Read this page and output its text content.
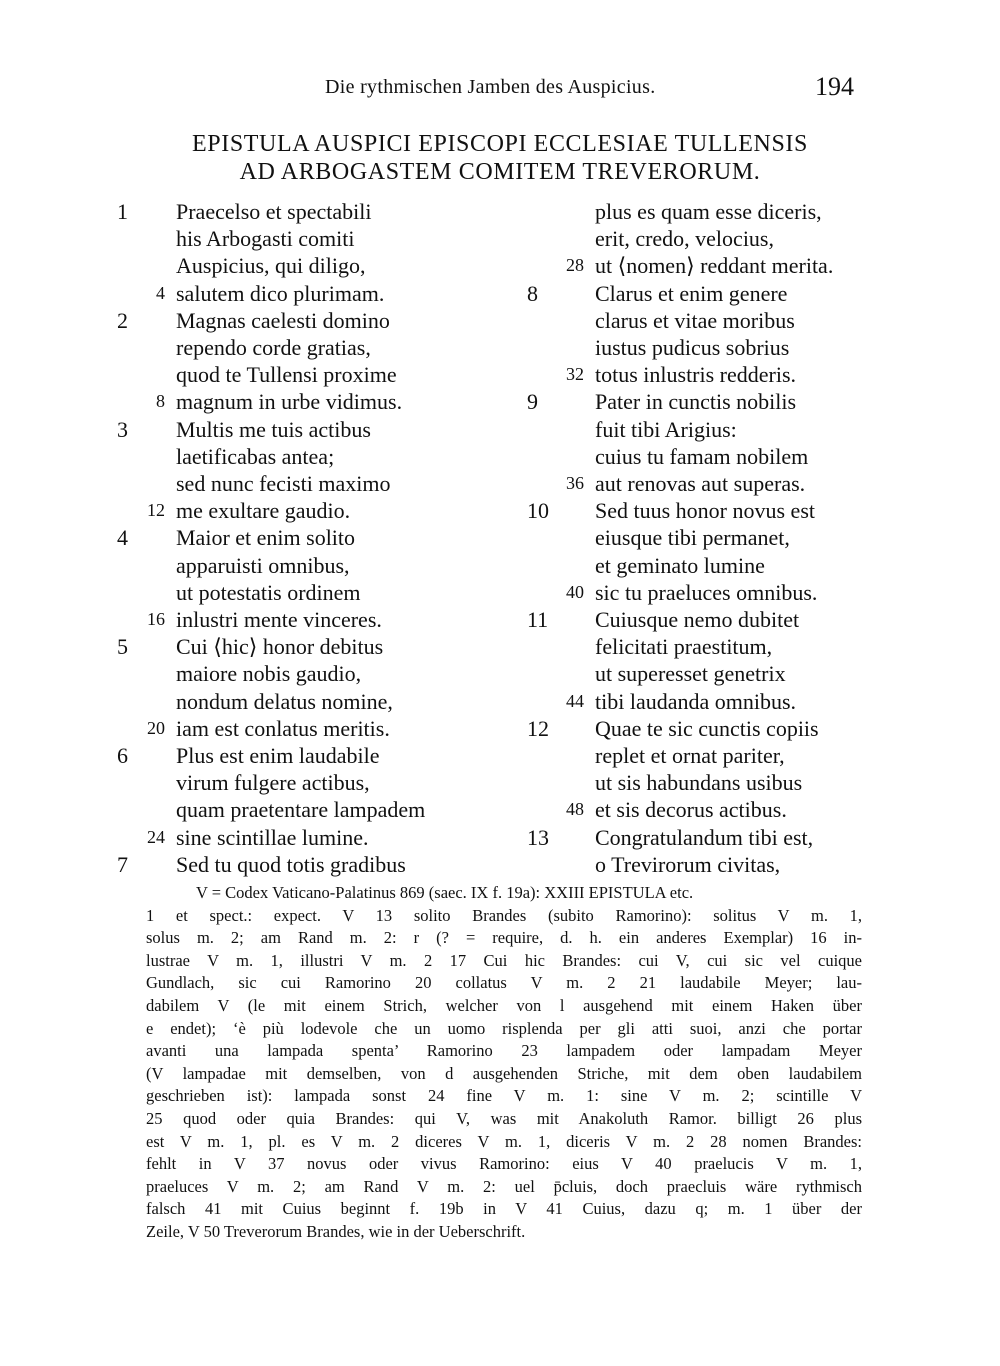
Die rythmischen Jamben des Auspicius.	194
EPISTULA AUSPICI EPISCOPI ECCLESIAE TULLENSIS
AD ARBOGASTEM COMITEM TREVERORUM.
1 Praecelso et spectabili
his Arbogasti comiti
Auspicius, qui diligo,
4 salutem dico plurimam.
2 Magnas caelesti domino
rependo corde gratias,
quod te Tullensi proxime
8 magnum in urbe vidimus.
3 Multis me tuis actibus
laetificabas antea;
sed nunc fecisti maximo
12 me exultare gaudio.
4 Maior et enim solito
apparuisti omnibus,
ut potestatis ordinem
16 inlustri mente vinceres.
5 Cui ⟨hic⟩ honor debitus
maiore nobis gaudio,
nondum delatus nomine,
20 iam est conlatus meritis.
6 Plus est enim laudabile
virum fulgere actibus,
quam praetentare lampadem
24 sine scintillae lumine.
7 Sed tu quod totis gradibus
plus es quam esse diceris,
erit, credo, velocius,
28 ut ⟨nomen⟩ reddant merita.
8	Clarus et enim genere
clarus et vitae moribus
iustus pudicus sobrius
32 totus inlustris redderis.
9	Pater in cunctis nobilis
fuit tibi Arigius:
cuius tu famam nobilem
36 aut renovas aut superas.
10 Sed tuus honor novus est
eiusque tibi permanet,
et geminato lumine
40 sic tu praeluces omnibus.
11 Cuiusque nemo dubitet
felicitati praestitum,
ut superesset genetrix
44 tibi laudanda omnibus.
12 Quae te sic cunctis copiis
replet et ornat pariter,
ut sis habundans usibus
48 et sis decorus actibus.
13 Congratulandum tibi est,
o Trevirorum civitas,

V = Codex Vaticano-Palatinus 869 (saec. IX f. 19a): XXIII EPISTULA etc.

1 et spect.: expect. V 13 solito Brandes (subito Ramorino): solitus V m. 1,

solus m. 2; am Rand m. 2: r (? = require, d. h. ein anderes Exemplar) 16 in-

lustrae V m. 1, illustri V m. 2 17 Cui hic Brandes: cui V, cui sic vel cuique

Gundlach, sic cui Ramorino 20 collatus V m. 2 21 laudabile Meyer; lau-

dabilem V (le mit einem Strich, welcher von l ausgehend mit einem Haken über

e endet); ‘è più lodevole che un uomo risplenda per gli atti suoi, anzi che portar

avanti una lampada spenta’ Ramorino 23 lampadem oder lampadam Meyer

(V lampadae mit demselben, von d ausgehenden Striche, mit dem oben laudabilem

geschrieben ist): lampada sonst 24 fine V m. 1: sine V m. 2; scintille V

25 quod oder quia Brandes: qui V, was mit Anakoluth Ramor. billigt 26 plus

est V m. 1, pl. es V m. 2 diceres V m. 1, diceris V m. 2 28 nomen Brandes:

fehlt in V 37 novus oder vivus Ramorino: eius V 40 praelucis V m. 1,

praeluces V m. 2; am Rand V m. 2: uel p̄cluis, doch praecluis wäre rythmisch

falsch 41 mit Cuius beginnt f. 19b in V 41 Cuius, dazu q; m. 1 über der

Zeile, V 50 Treverorum Brandes, wie in der Ueberschrift.
